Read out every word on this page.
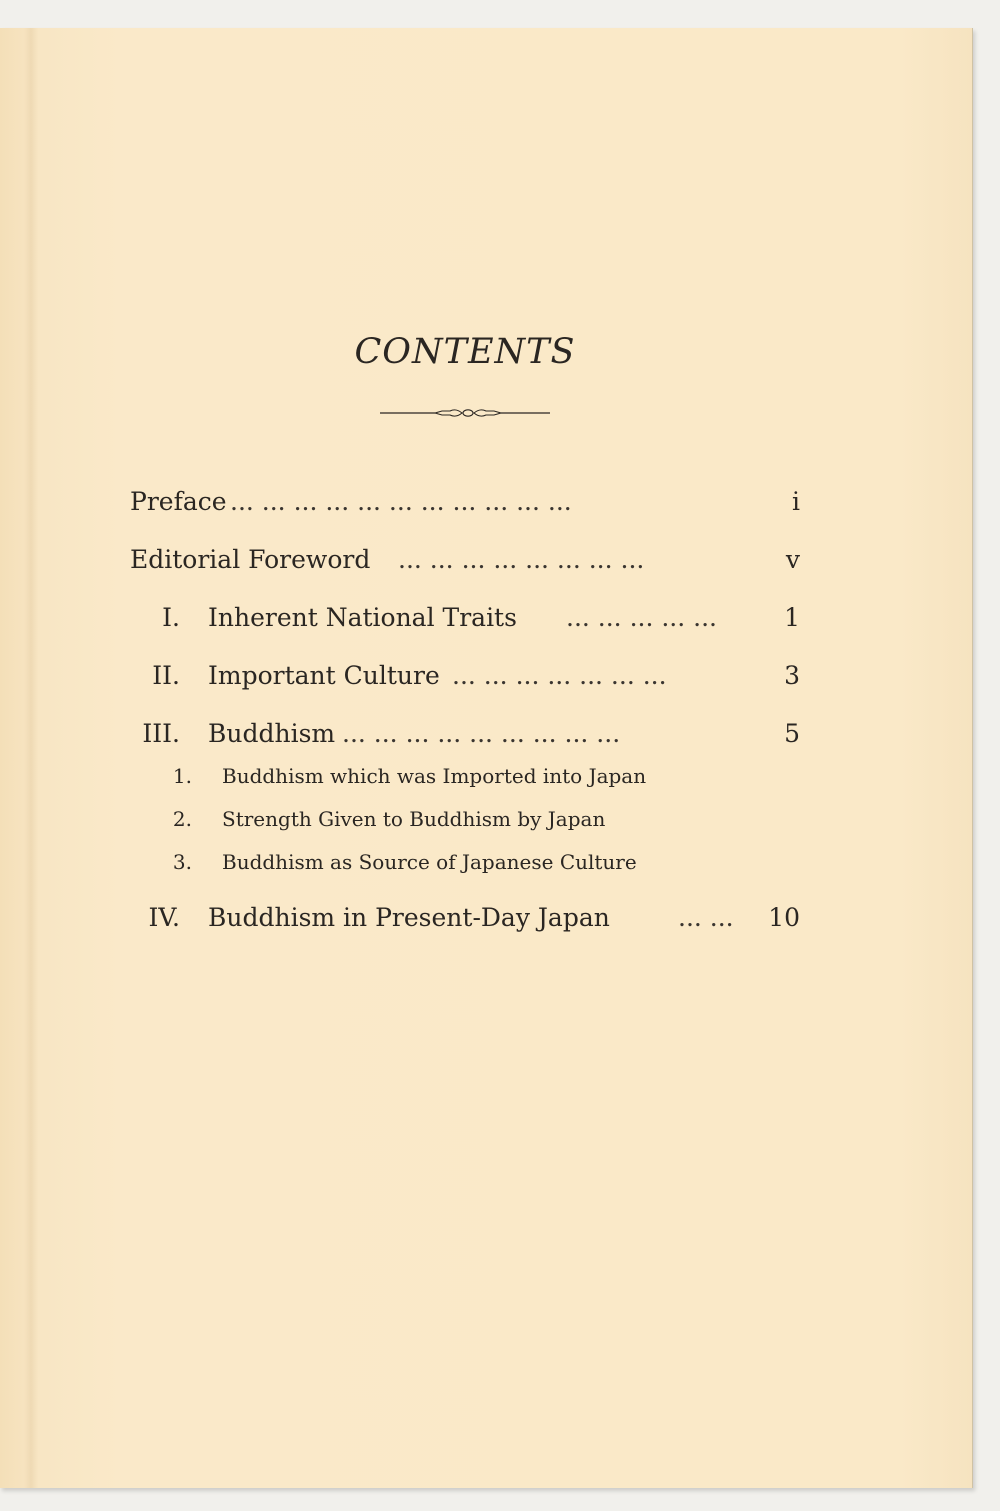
CONTENTS
Preface ... ... ... ... ... ... ... ... ... ... ...	i
Editorial Foreword ... ... ... ... ... ... ... ...	v
I. Inherent National Traits ... ... ... ... ...	1
II. Important Culture ... ... ... ... ... ... ...	3
III. Buddhism ... ... ... ... ... ... ... ... ...	5
1. Buddhism which was Imported into Japan
2. Strength Given to Buddhism by Japan
3. Buddhism as Source of Japanese Culture
IV. Buddhism in Present-Day Japan	... ... 10
